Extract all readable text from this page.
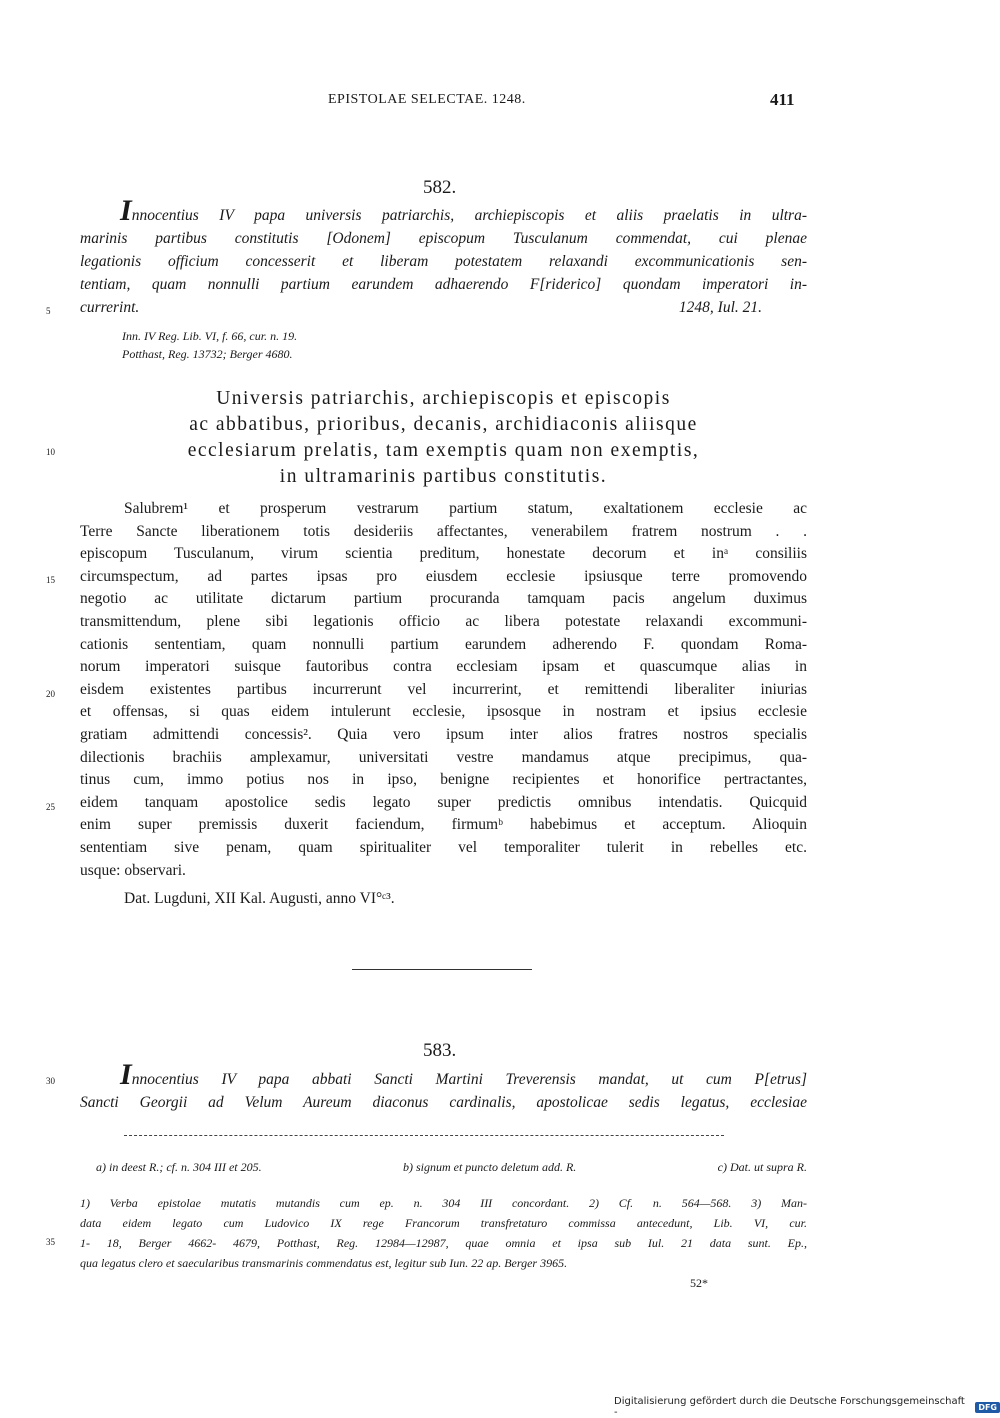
EPISTOLAE SELECTAE. 1248.	411
582.
Innocentius IV papa universis patriarchis, archiepiscopis et aliis praelatis in ultra-
marinis partibus constitutis [Odonem] episcopum Tusculanum commendat, cui plenae
legationis officium concesserit et liberam potestatem relaxandi excommunicationis sen-
tentiam, quam nonnulli partium earundem adhaerendo F[riderico] quondam imperatori in-
currerint.	1248, Iul. 21.
Inn. IV Reg. Lib. VI, f. 66, cur. n. 19.
Potthast, Reg. 13732; Berger 4680.
Universis patriarchis, archiepiscopis et episcopis
ac abbatibus, prioribus, decanis, archidiaconis aliisque
ecclesiarum prelatis, tam exemptis quam non exemptis,
in ultramarinis partibus constitutis.
Salubrem¹ et prosperum vestrarum partium statum, exaltationem ecclesie ac
Terre Sancte liberationem totis desideriis affectantes, venerabilem fratrem nostrum . .
episcopum Tusculanum, virum scientia preditum, honestate decorum et inᵃ consiliis
circumspectum, ad partes ipsas pro eiusdem ecclesie ipsiusque terre promovendo
negotio ac utilitate dictarum partium procuranda tamquam pacis angelum duximus
transmittendum, plene sibi legationis officio ac libera potestate relaxandi excommuni-
cationis sententiam, quam nonnulli partium earundem adherendo F. quondam Roma-
norum imperatori suisque fautoribus contra ecclesiam ipsam et quascumque alias in
eisdem existentes partibus incurrerunt vel incurrerint, et remittendi liberaliter iniurias
et offensas, si quas eidem intulerunt ecclesie, ipsosque in nostram et ipsius ecclesie
gratiam admittendi concessis². Quia vero ipsum inter alios fratres nostros specialis
dilectionis brachiis amplexamur, universitati vestre mandamus atque precipimus, qua-
tinus cum, immo potius nos in ipso, benigne recipientes et honorifice pertractantes,
eidem tanquam apostolice sedis legato super predictis omnibus intendatis. Quicquid
enim super premissis duxerit faciendum, firmumᵇ habebimus et acceptum. Alioquin
sententiam sive penam, quam spiritualiter vel temporaliter tulerit in rebelles etc.
usque: observari.
Dat. Lugduni, XII Kal. Augusti, anno VI°ᶜ³.
583.
Innocentius IV papa abbati Sancti Martini Treverensis mandat, ut cum P[etrus]
Sancti Georgii ad Velum Aureum diaconus cardinalis, apostolicae sedis legatus, ecclesiae
5
10
15
20
25
30
35
a) in deest R.; cf. n. 304 III et 205.	b) signum et puncto deletum add. R.	c) Dat. ut supra R.
1) Verba epistolae mutatis mutandis cum ep. n. 304 III concordant. 2) Cf. n. 564—568. 3) Man-
data eidem legato cum Ludovico IX rege Francorum transfretaturo commissa antecedunt, Lib. VI, cur.
1- 18, Berger 4662- 4679, Potthast, Reg. 12984—12987, quae omnia et ipsa sub Iul. 21 data sunt. Ep.,
qua legatus clero et saecularibus transmarinis commendatus est, legitur sub Iun. 22 ap. Berger 3965.
52*
Digitalisierung gefördert durch die Deutsche Forschungsgemeinschaft -	DFG
